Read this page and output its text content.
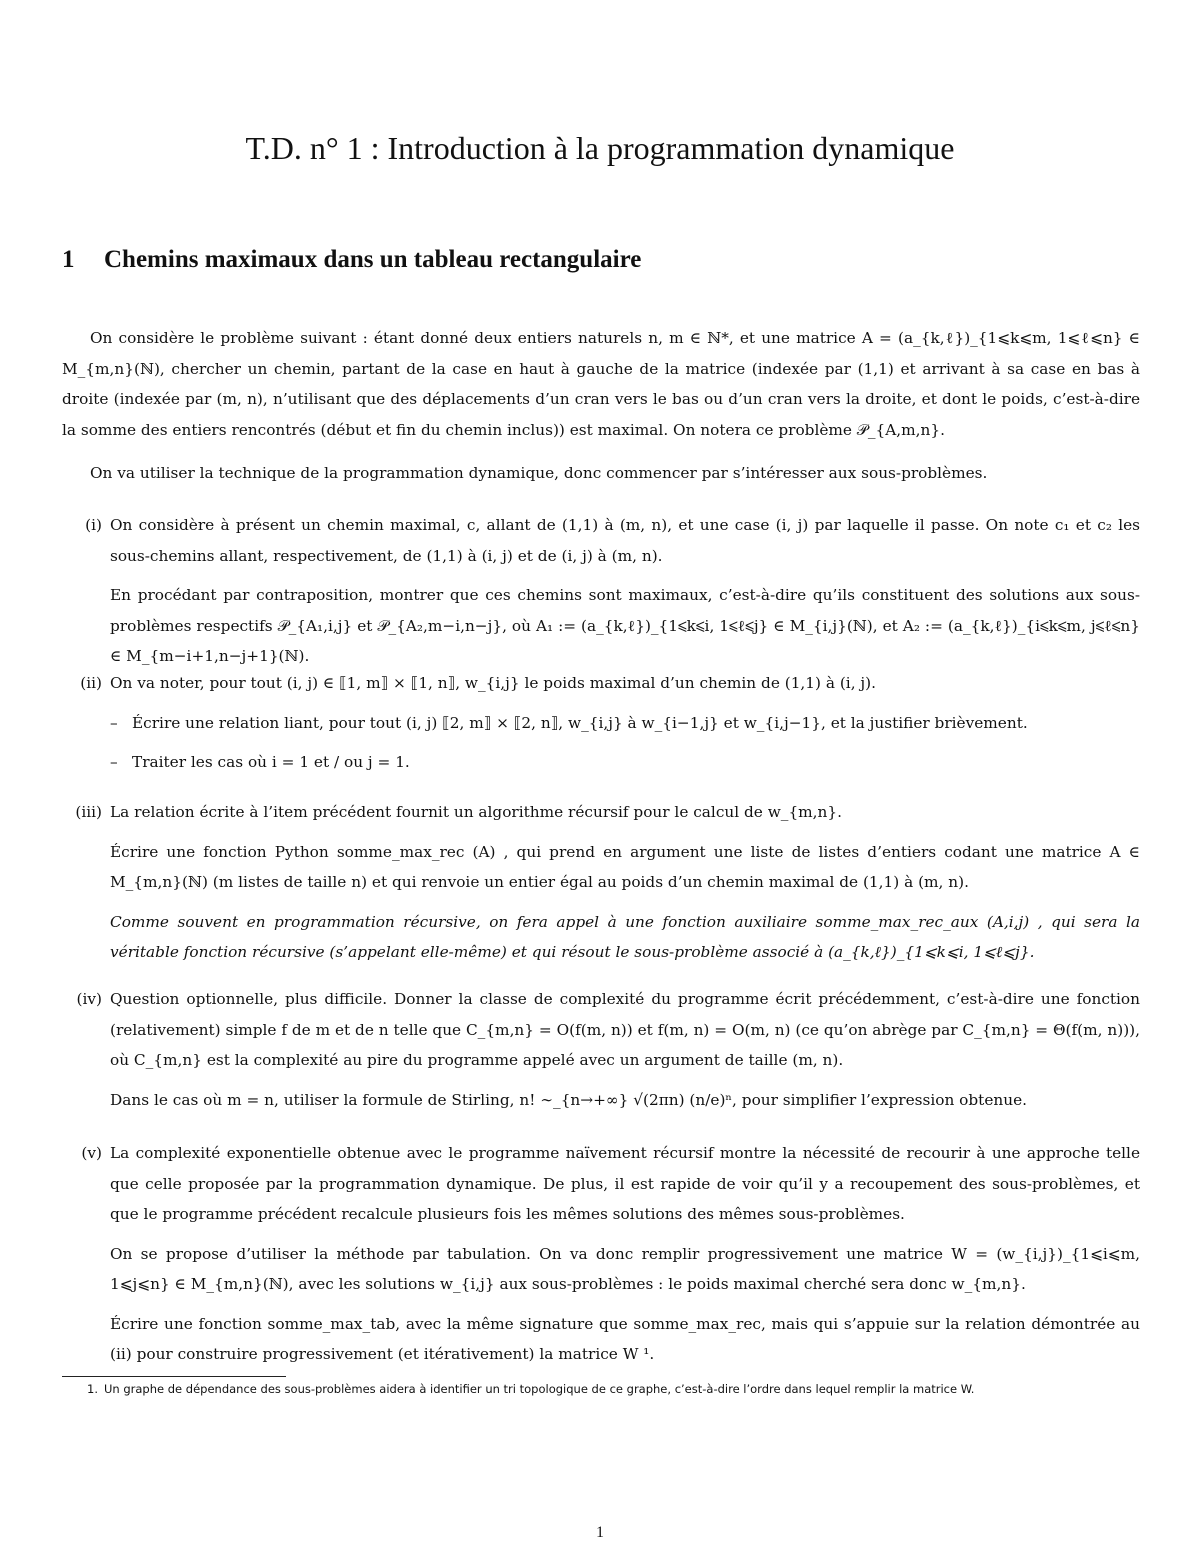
T.D. n° 1 : Introduction à la programmation dynamique
1 Chemins maximaux dans un tableau rectangulaire
On considère le problème suivant : étant donné deux entiers naturels n, m ∈ ℕ*, et une matrice A = (a_{k,ℓ})_{1⩽k⩽m, 1⩽ℓ⩽n} ∈ M_{m,n}(ℕ), chercher un chemin, partant de la case en haut à gauche de la matrice (indexée par (1,1) et arrivant à sa case en bas à droite (indexée par (m, n), n’utilisant que des déplacements d’un cran vers le bas ou d’un cran vers la droite, et dont le poids, c’est-à-dire la somme des entiers rencontrés (début et fin du chemin inclus)) est maximal. On notera ce problème 𝒫_{A,m,n}.
On va utiliser la technique de la programmation dynamique, donc commencer par s’intéresser aux sous-problèmes.
(i) On considère à présent un chemin maximal, c, allant de (1,1) à (m, n), et une case (i, j) par laquelle il passe. On note c₁ et c₂ les sous-chemins allant, respectivement, de (1,1) à (i, j) et de (i, j) à (m, n).

En procédant par contraposition, montrer que ces chemins sont maximaux, c’est-à-dire qu’ils constituent des solutions aux sous-problèmes respectifs 𝒫_{A₁,i,j} et 𝒫_{A₂,m−i,n−j}, où A₁ := (a_{k,ℓ})_{1⩽k⩽i, 1⩽ℓ⩽j} ∈ M_{i,j}(ℕ), et A₂ := (a_{k,ℓ})_{i⩽k⩽m, j⩽ℓ⩽n} ∈ M_{m−i+1,n−j+1}(ℕ).

(ii) On va noter, pour tout (i, j) ∈ ⟦1, m⟧ × ⟦1, n⟧, w_{i,j} le poids maximal d’un chemin de (1,1) à (i, j).

– Écrire une relation liant, pour tout (i, j) ⟦2, m⟧ × ⟦2, n⟧, w_{i,j} à w_{i−1,j} et w_{i,j−1}, et la justifier brièvement.

– Traiter les cas où i = 1 et / ou j = 1.

(iii) La relation écrite à l’item précédent fournit un algorithme récursif pour le calcul de w_{m,n}.

Écrire une fonction Python somme_max_rec (A) , qui prend en argument une liste de listes d’entiers codant une matrice A ∈ M_{m,n}(ℕ) (m listes de taille n) et qui renvoie un entier égal au poids d’un chemin maximal de (1,1) à (m, n).

Comme souvent en programmation récursive, on fera appel à une fonction auxiliaire somme_max_rec_aux (A,i,j) , qui sera la véritable fonction récursive (s’appelant elle-même) et qui résout le sous-problème associé à (a_{k,ℓ})_{1⩽k⩽i, 1⩽ℓ⩽j}.

(iv) Question optionnelle, plus difficile. Donner la classe de complexité du programme écrit précédemment, c’est-à-dire une fonction (relativement) simple f de m et de n telle que C_{m,n} = O(f(m, n)) et f(m, n) = O(m, n) (ce qu’on abrège par C_{m,n} = Θ(f(m, n))), où C_{m,n} est la complexité au pire du programme appelé avec un argument de taille (m, n).

Dans le cas où m = n, utiliser la formule de Stirling, n! ∼_{n→+∞} √(2πn) (n/e)ⁿ, pour simplifier l’expression obtenue.

(v) La complexité exponentielle obtenue avec le programme naïvement récursif montre la nécessité de recourir à une approche telle que celle proposée par la programmation dynamique. De plus, il est rapide de voir qu’il y a recoupement des sous-problèmes, et que le programme précédent recalcule plusieurs fois les mêmes solutions des mêmes sous-problèmes.

On se propose d’utiliser la méthode par tabulation. On va donc remplir progressivement une matrice W = (w_{i,j})_{1⩽i⩽m, 1⩽j⩽n} ∈ M_{m,n}(ℕ), avec les solutions w_{i,j} aux sous-problèmes : le poids maximal cherché sera donc w_{m,n}.

Écrire une fonction somme_max_tab, avec la même signature que somme_max_rec, mais qui s’appuie sur la relation démontrée au (ii) pour construire progressivement (et itérativement) la matrice W ¹.

1. Un graphe de dépendance des sous-problèmes aidera à identifier un tri topologique de ce graphe, c’est-à-dire l’ordre dans lequel remplir la matrice W.
1
